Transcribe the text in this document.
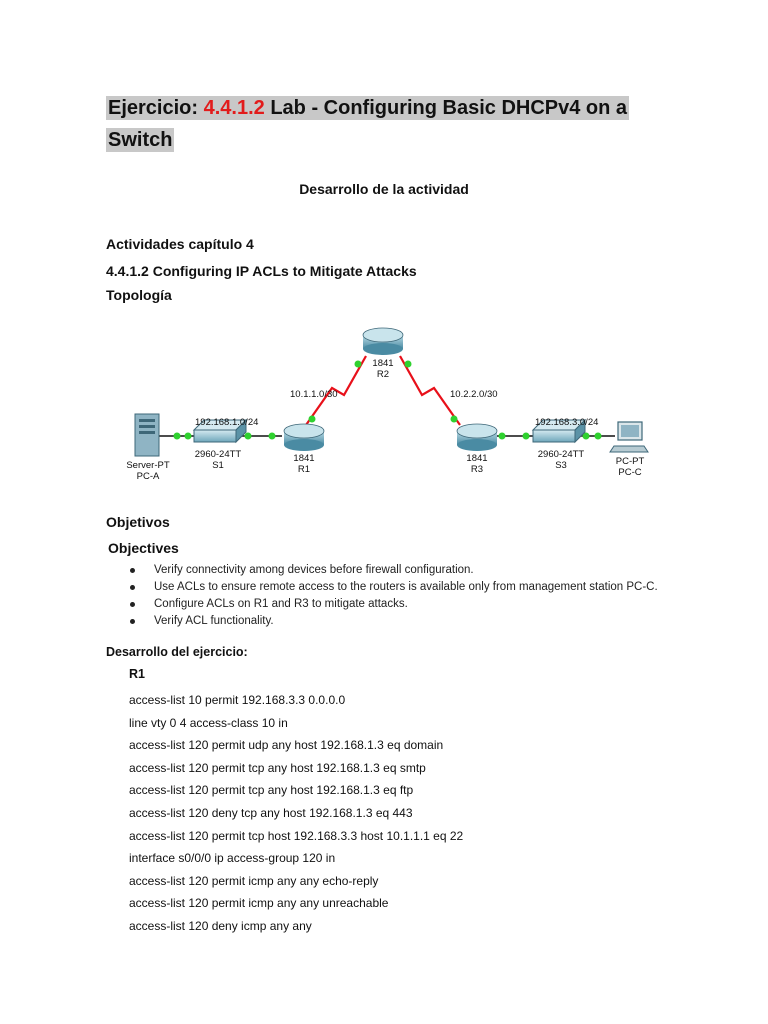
Ejercicio: 4.4.1.2 Lab - Configuring Basic DHCPv4 on a Switch
Desarrollo de la actividad
Actividades capítulo 4
4.4.1.2 Configuring IP ACLs to Mitigate Attacks
Topología
1841
R2
10.1.1.0/30	10.2.2.0/30
192.168.1.0/24	192.168.3.0/24
Server-PT
PC-A
2960-24TT
S1
1841
R1
1841
R3
2960-24TT
S3	PC-PT
PC-C
Objetivos
Objectives
Verify connectivity among devices before firewall configuration.
Use ACLs to ensure remote access to the routers is available only from management station PC-C.
Configure ACLs on R1 and R3 to mitigate attacks.
Verify ACL functionality.
Desarrollo del ejercicio:
R1
access-list 10 permit 192.168.3.3 0.0.0.0
line vty 0 4 access-class 10 in
access-list 120 permit udp any host 192.168.1.3 eq domain
access-list 120 permit tcp any host 192.168.1.3 eq smtp
access-list 120 permit tcp any host 192.168.1.3 eq ftp
access-list 120 deny tcp any host 192.168.1.3 eq 443
access-list 120 permit tcp host 192.168.3.3 host 10.1.1.1 eq 22
interface s0/0/0 ip access-group 120 in
access-list 120 permit icmp any any echo-reply
access-list 120 permit icmp any any unreachable
access-list 120 deny icmp any any
